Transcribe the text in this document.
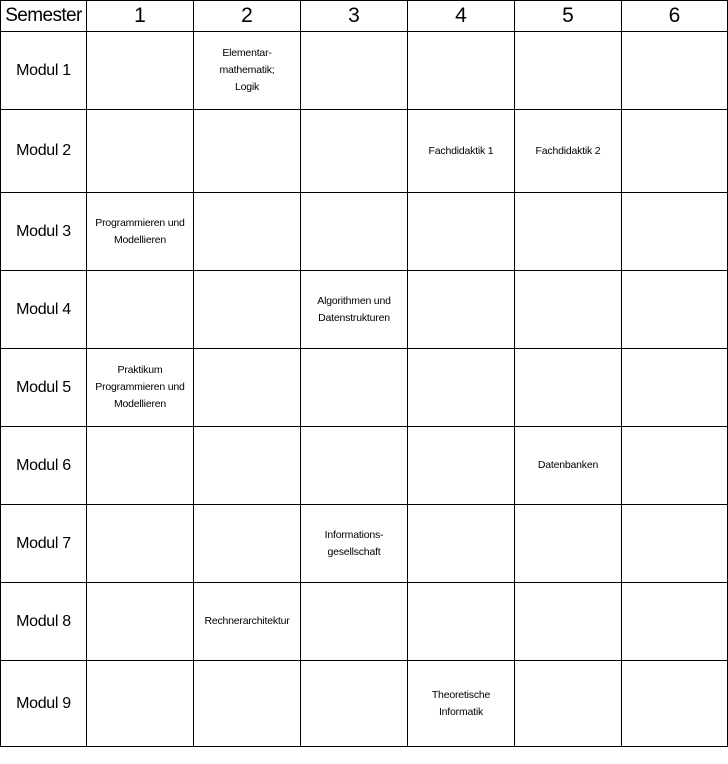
Semester	1	2	3	4	5	6
Modul 1		Elementar-
mathematik;
Logik				
Modul 2				Fachdidaktik 1	Fachdidaktik 2	
Modul 3	Programmieren und
Modellieren					
Modul 4			Algorithmen und
Datenstrukturen			
Modul 5	Praktikum
Programmieren und
Modellieren					
Modul 6					Datenbanken	
Modul 7			Informations-
gesellschaft			
Modul 8		Rechnerarchitektur				
Modul 9				Theoretische
Informatik		
